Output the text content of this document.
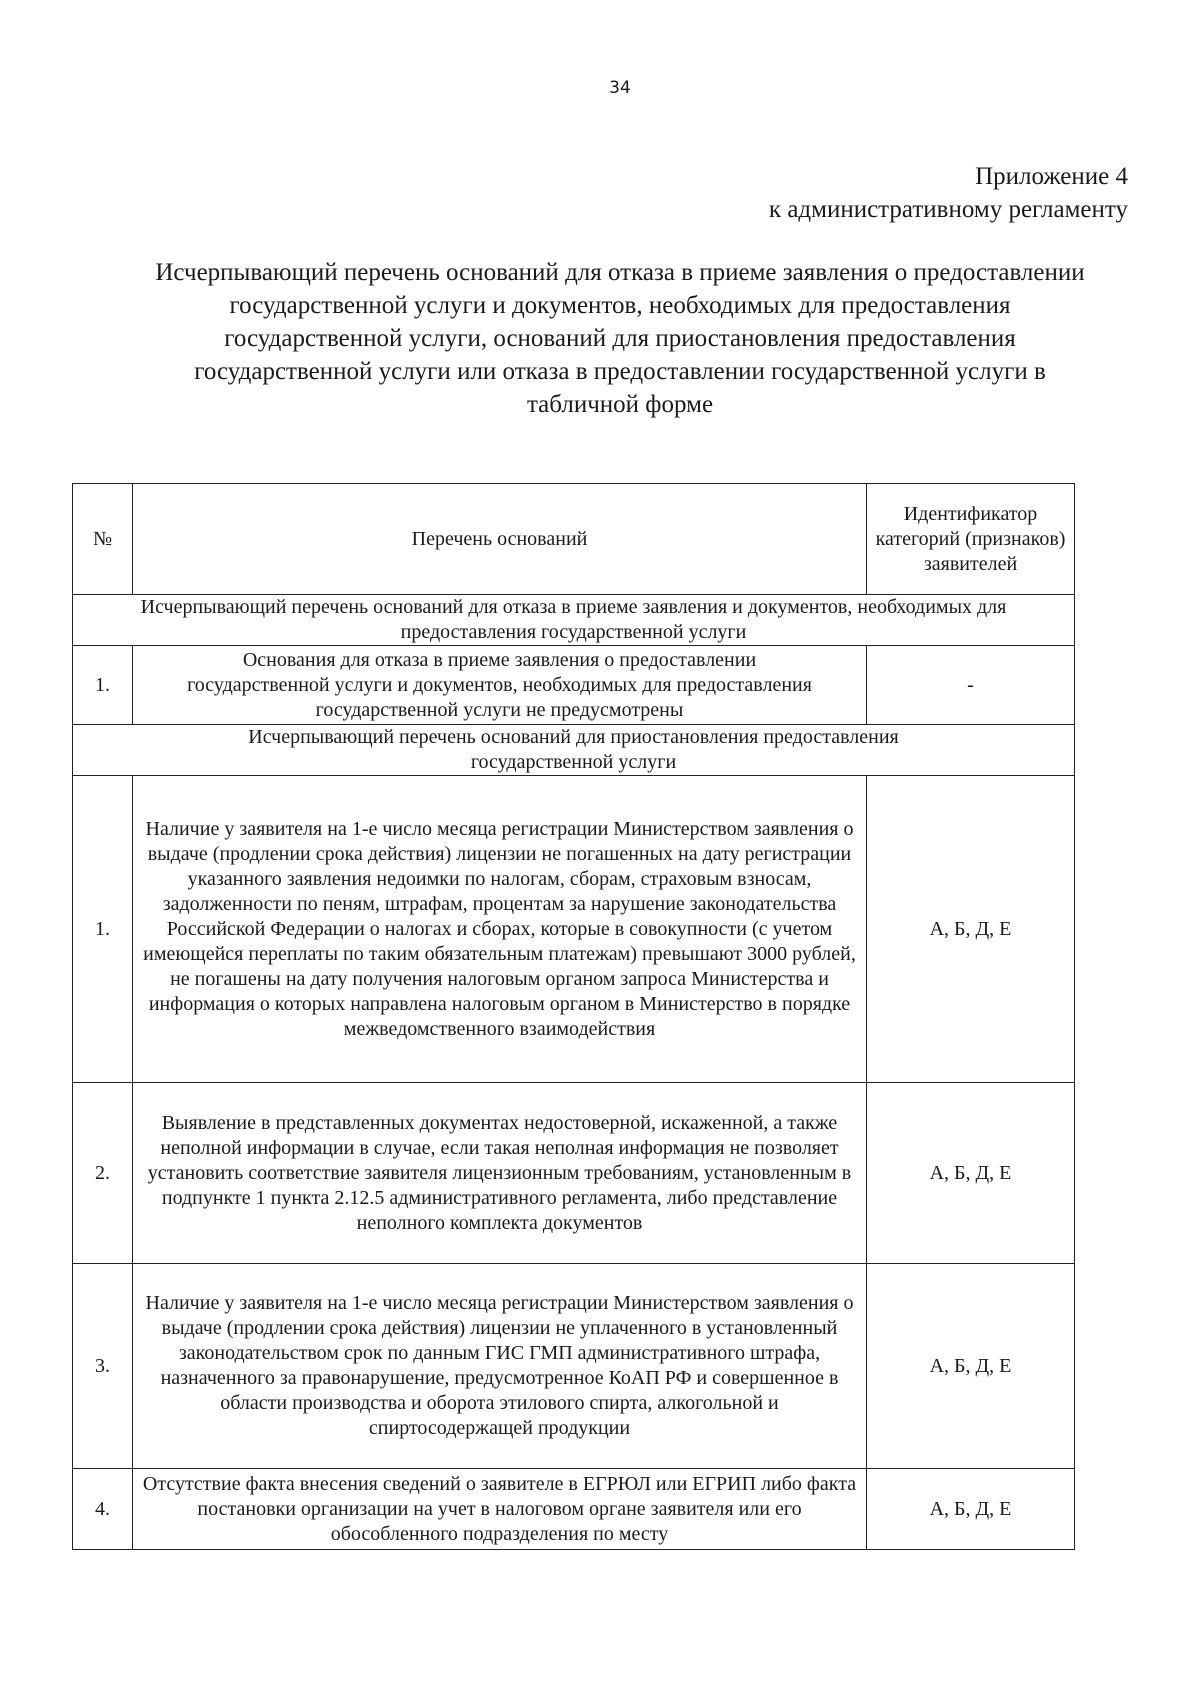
34
Приложение 4
к административному регламенту
Исчерпывающий перечень оснований для отказа в приеме заявления о предоставлении государственной услуги и документов, необходимых для предоставления государственной услуги, оснований для приостановления предоставления государственной услуги или отказа в предоставлении государственной услуги в табличной форме
№	Перечень оснований	Идентификатор категорий (признаков) заявителей

Исчерпывающий перечень оснований для отказа в приеме заявления и документов, необходимых для предоставления государственной услуги		

1.	Основания для отказа в приеме заявления о предоставлении государственной услуги и документов, необходимых для предоставления государственной услуги не предусмотрены	-

Исчерпывающий перечень оснований для приостановления предоставления государственной услуги		

1.	Наличие у заявителя на 1-е число месяца регистрации Министерством заявления о выдаче (продлении срока действия) лицензии не погашенных на дату регистрации указанного заявления недоимки по налогам, сборам, страховым взносам, задолженности по пеням, штрафам, процентам за нарушение законодательства Российской Федерации о налогах и сборах, которые в совокупности (с учетом имеющейся переплаты по таким обязательным платежам) превышают 3000 рублей, не погашены на дату получения налоговым органом запроса Министерства и информация о которых направлена налоговым органом в Министерство в порядке межведомственного взаимодействия	А, Б, Д, Е
2.	Выявление в представленных документах недостоверной, искаженной, а также неполной информации в случае, если такая неполная информация не позволяет установить соответствие заявителя лицензионным требованиям, установленным в подпункте 1 пункта 2.12.5 административного регламента, либо представление неполного комплекта документов	А, Б, Д, Е
3.	Наличие у заявителя на 1-е число месяца регистрации Министерством заявления о выдаче (продлении срока действия) лицензии не уплаченного в установленный законодательством срок по данным ГИС ГМП административного штрафа, назначенного за правонарушение, предусмотренное КоАП РФ и совершенное в области производства и оборота этилового спирта, алкогольной и спиртосодержащей продукции	А, Б, Д, Е
4.	Отсутствие факта внесения сведений о заявителе в ЕГРЮЛ или ЕГРИП либо факта постановки организации на учет в налоговом органе заявителя или его обособленного подразделения по месту	А, Б, Д, Е
